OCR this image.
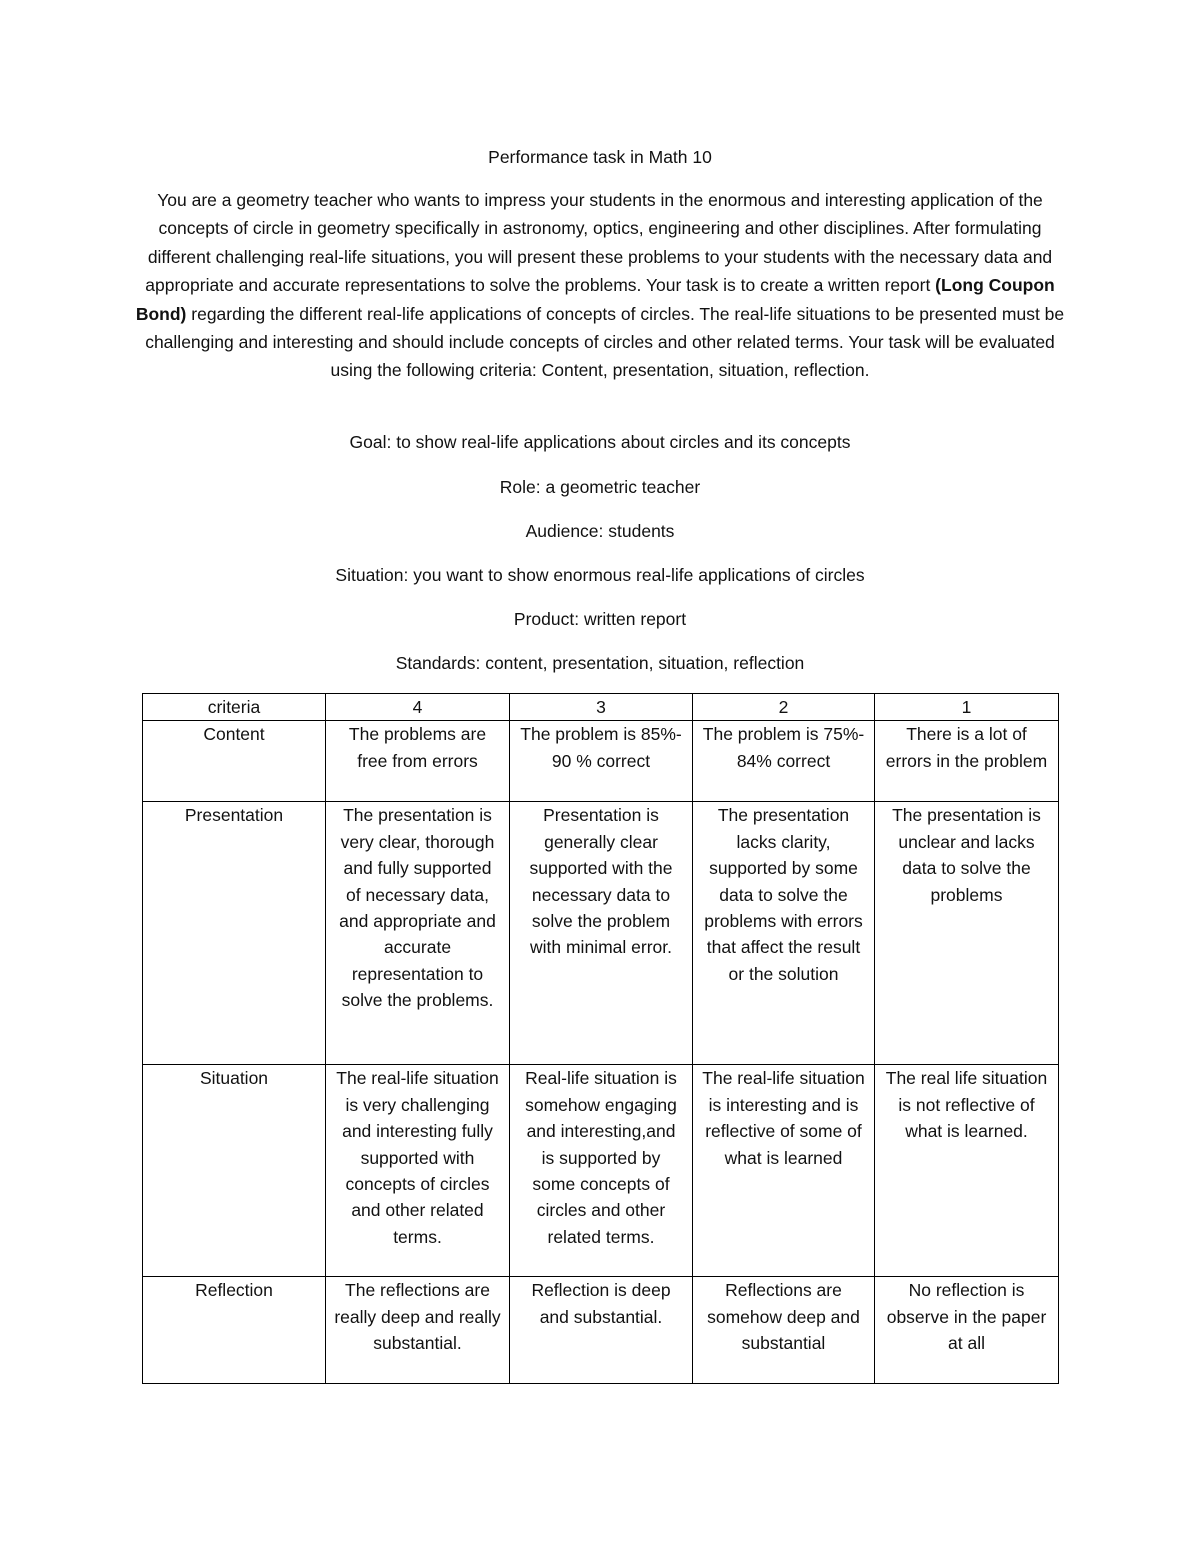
Performance task in Math 10
You are a geometry teacher who wants to impress your students in the enormous and interesting application of the concepts of circle in geometry specifically in astronomy, optics, engineering and other disciplines. After formulating different challenging real-life situations, you will present these problems to your students with the necessary data and appropriate and accurate representations to solve the problems. Your task is to create a written report (Long Coupon Bond) regarding the different real-life applications of concepts of circles. The real-life situations to be presented must be challenging and interesting and should include concepts of circles and other related terms. Your task will be evaluated using the following criteria: Content, presentation, situation, reflection.
Goal: to show real-life applications about circles and its concepts
Role: a geometric teacher
Audience: students
Situation: you want to show enormous real-life applications of circles
Product: written report
Standards: content, presentation, situation, reflection
criteria	4	3	2	1
Content	The problems are free from errors	The problem is 85%- 90 % correct	The problem is 75%- 84% correct	There is a lot of errors in the problem
Presentation	The presentation is very clear, thorough and fully supported of necessary data, and appropriate and accurate representation to solve the problems.	Presentation is generally clear supported with the necessary data to solve the problem with minimal error.	The presentation lacks clarity, supported by some data to solve the problems with errors that affect the result or the solution	The presentation is unclear and lacks data to solve the problems
Situation	The real-life situation is very challenging and interesting fully supported with concepts of circles and other related terms.	Real-life situation is somehow engaging and interesting,and is supported by some concepts of circles and other related terms.	The real-life situation is interesting and is reflective of some of what is learned	The real life situation is not reflective of what is learned.
Reflection	The reflections are really deep and really substantial.	Reflection is deep and substantial.	Reflections are somehow deep and substantial	No reflection is observe in the paper at all
